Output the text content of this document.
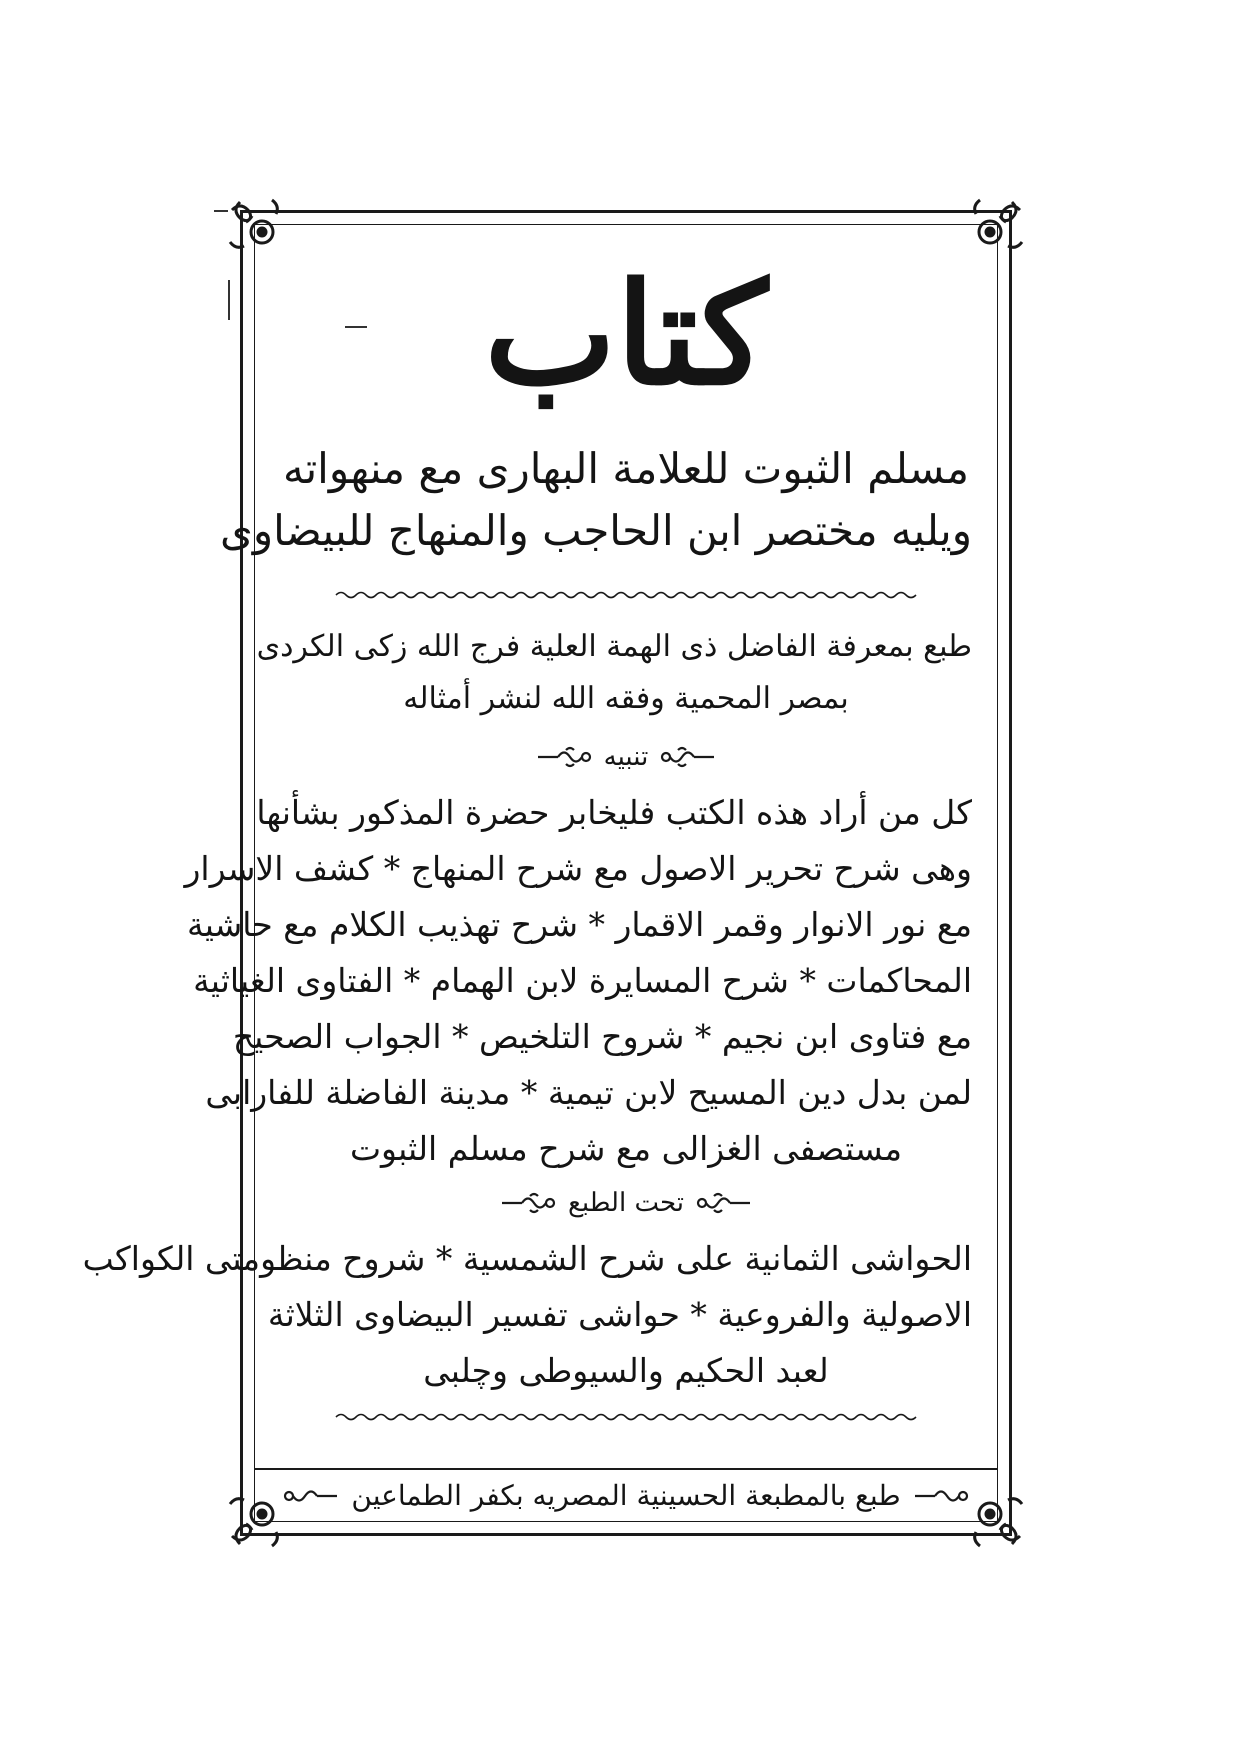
كتاب
مسلم الثبوت للعلامة البهارى مع منهواته
ويليه مختصر ابن الحاجب والمنهاج للبيضاوى
طبع بمعرفة الفاضل ذى الهمة العلية فرج الله زكى الكردى
بمصر المحمية وفقه الله لنشر أمثاله
تنبيه
كل من أراد هذه الكتب فليخابر حضرة المذكور بشأنها
وهى شرح تحرير الاصول مع شرح المنهاج * كشف الاسرار
مع نور الانوار وقمر الاقمار * شرح تهذيب الكلام مع حاشية
المحاكمات * شرح المسايرة لابن الهمام * الفتاوى الغياثية
مع فتاوى ابن نجيم * شروح التلخيص * الجواب الصحيح
لمن بدل دين المسيح لابن تيمية * مدينة الفاضلة للفارابى
مستصفى الغزالى مع شرح مسلم الثبوت
تحت الطبع
الحواشى الثمانية على شرح الشمسية * شروح منظومتى الكواكب
الاصولية والفروعية * حواشى تفسير البيضاوى الثلاثة
لعبد الحكيم والسيوطى وچلبى
طبع بالمطبعة الحسينية المصريه بكفر الطماعين
